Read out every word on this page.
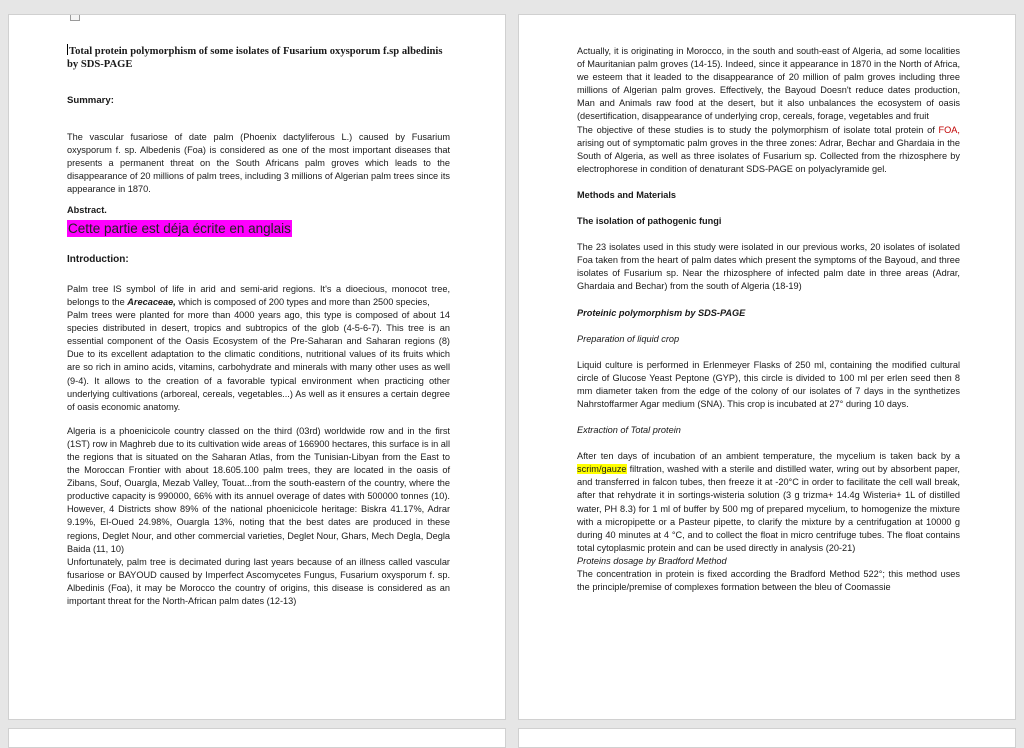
Total protein polymorphism of some isolates of Fusarium oxysporum f.sp albedinis by SDS-PAGE

Summary:

The vascular fusariose of date palm (Phoenix dactyliferous L.) caused by Fusarium oxysporum f. sp. Albedenis (Foa) is considered as one of the most important diseases that presents a permanent threat on the South Africans palm groves which leads to the disappearance of 20 millions of palm trees, including 3 millions of Algerian palm trees since its appearance in 1870.

Abstract.

Cette partie est déja écrite en anglais

Introduction:

Palm tree IS symbol of life in arid and semi-arid regions. It's a dioecious, monocot tree, belongs to the Arecaceae, which is composed of 200 types and more than 2500 species,

Palm trees were planted for more than 4000 years ago, this type is composed of about 14 species distributed in desert, tropics and subtropics of the glob (4-5-6-7). This tree is an essential component of the Oasis Ecosystem of the Pre-Saharan and Saharan regions (8) Due to its excellent adaptation to the climatic conditions, nutritional values of its fruits which are so rich in amino acids, vitamins, carbohydrate and minerals with many other uses as well (9-4). It allows to the creation of a favorable typical environment when practicing other underlying cultivations (arboreal, cereals, vegetables...) As well as it ensures a certain degree of oasis economic anatomy.

Algeria is a phoenicicole country classed on the third (03rd) worldwide row and in the first (1ST) row in Maghreb due to its cultivation wide areas of 166900 hectares, this surface is in all the regions that is situated on the Saharan Atlas, from the Tunisian-Libyan from the East to the Moroccan Frontier with about 18.605.100 palm trees, they are located in the oasis of Zibans, Souf, Ouargla, Mezab Valley, Touat...from the south-eastern of the country, where the productive capacity is 990000, 66% with its annuel overage of dates with 500000 tonnes (10). However, 4 Districts show 89% of the national phoenicicole heritage: Biskra 41.17%, Adrar 9.19%, El-Oued 24.98%, Ouargla 13%, noting that the best dates are produced in these regions, Deglet Nour, and other commercial varieties, Deglet Nour, Ghars, Mech Degla, Degla Baida (11, 10)

Unfortunately, palm tree is decimated during last years because of an illness called vascular fusariose or BAYOUD caused by Imperfect Ascomycetes Fungus, Fusarium oxysporum f. sp. Albedinis (Foa), it may be Morocco the country of origins, this disease is considered as an important threat for the North-African palm dates (12-13)

Actually, it is originating in Morocco, in the south and south-east of Algeria, ad some localities of Mauritanian palm groves (14-15). Indeed, since it appearance in 1870 in the North of Africa, we esteem that it leaded to the disappearance of 20 million of palm groves including three millions of Algerian palm groves. Effectively, the Bayoud Doesn't reduce dates production, Man and Animals raw food at the desert, but it also unbalances the ecosystem of oasis (desertification, disappearance of underlying crop, cereals, forage, vegetables and fruit

The objective of these studies is to study the polymorphism of isolate total protein of FOA, arising out of symptomatic palm groves in the three zones: Adrar, Bechar and Ghardaia in the South of Algeria, as well as three isolates of Fusarium sp. Collected from the rhizosphere by electrophorese in condition of denaturant SDS-PAGE on polyaclyramide gel.

Methods and Materials

The isolation of pathogenic fungi

The 23 isolates used in this study were isolated in our previous works, 20 isolates of isolated Foa taken from the heart of palm dates which present the symptoms of the Bayoud, and three isolates of Fusarium sp. Near the rhizosphere of infected palm date in three areas (Adrar, Ghardaia and Bechar) from the south of Algeria (18-19)

Proteinic polymorphism by SDS-PAGE

Preparation of liquid crop

Liquid culture is performed in Erlenmeyer Flasks of 250 ml, containing the modified cultural circle of Glucose Yeast Peptone (GYP), this circle is divided to 100 ml per erlen seed then 8 mm diameter taken from the edge of the colony of our isolates of 7 days in the synthetizes Nahrstoffarmer Agar medium (SNA). This crop is incubated at 27° during 10 days.

Extraction of Total protein

After ten days of incubation of an ambient temperature, the mycelium is taken back by a scrim/gauze filtration, washed with a sterile and distilled water, wring out by absorbent paper, and transferred in falcon tubes, then freeze it at -20°C in order to facilitate the cell wall break, after that rehydrate it in sortings-wisteria solution (3 g trizma+ 14.4g Wisteria+ 1L of distilled water, PH 8.3) for 1 ml of buffer by 500 mg of prepared mycelium, to homogenize the mixture with a micropipette or a Pasteur pipette, to clarify the mixture by a centrifugation at 10000 g during 40 minutes at 4 °C, and to collect the float in micro centrifuge tubes. The float contains total cytoplasmic protein and can be used directly in analysis (20-21)

Proteins dosage by Bradford Method

The concentration in protein is fixed according the Bradford Method 522°; this method uses the principle/premise of complexes formation between the bleu of Coomassie
